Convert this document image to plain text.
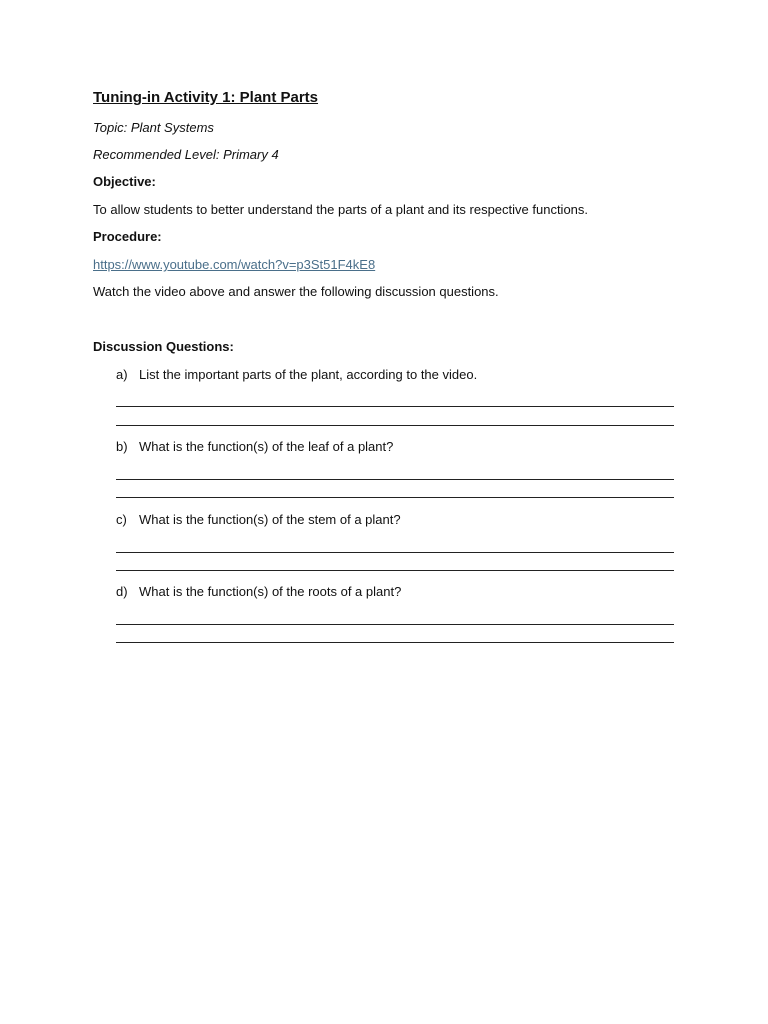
Tuning-in Activity 1: Plant Parts
Topic: Plant Systems
Recommended Level: Primary 4
Objective:
To allow students to better understand the parts of a plant and its respective functions.
Procedure:
https://www.youtube.com/watch?v=p3St51F4kE8
Watch the video above and answer the following discussion questions.
Discussion Questions:
a) List the important parts of the plant, according to the video.
b) What is the function(s) of the leaf of a plant?
c) What is the function(s) of the stem of a plant?
d) What is the function(s) of the roots of a plant?
